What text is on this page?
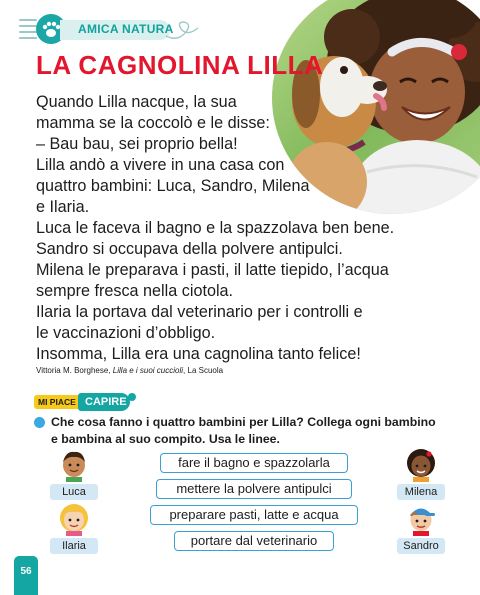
AMICA NATURA
LA CAGNOLINA LILLA
Quando Lilla nacque, la sua
mamma se la coccolò e le disse:
– Bau bau, sei proprio bella!
Lilla andò a vivere in una casa con
quattro bambini: Luca, Sandro, Milena
e Ilaria.
Luca le faceva il bagno e la spazzolava ben bene.
Sandro si occupava della polvere antipulci.
Milena le preparava i pasti, il latte tiepido, l’acqua
sempre fresca nella ciotola.
Ilaria la portava dal veterinario per i controlli e
le vaccinazioni d’obbligo.
Insomma, Lilla era una cagnolina tanto felice!
Vittoria M. Borghese, Lilla e i suoi cuccioli, La Scuola
MI PIACE CAPIRE
Che cosa fanno i quattro bambini per Lilla? Collega ogni bambino
e bambina al suo compito. Usa le linee.
Luca
Ilaria
Milena
Sandro
fare il bagno e spazzolarla
mettere la polvere antipulci
preparare pasti, latte e acqua
portare dal veterinario
56
